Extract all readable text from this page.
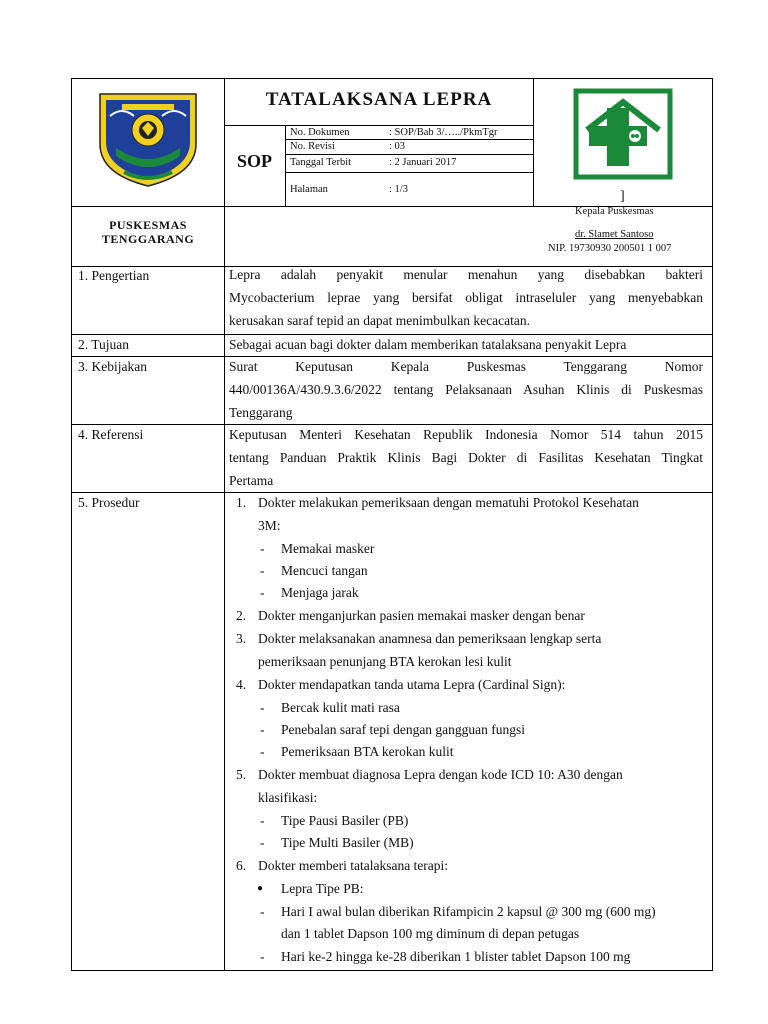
TATALAKSANA LEPRA
SOP
No. Dokumen	: SOP/Bab 3/…../PkmTgr
No. Revisi	: 03
Tanggal Terbit	: 2 Januari 2017
Halaman	: 1/3	]
PUSKESMAS
TENGGARANG
Kepala Puskesmas
dr. Slamet Santoso
NIP. 19730930 200501 1 007
1. Pengertian	Lepra adalah penyakit menular menahun yang disebabkan bakteri
Mycobacterium leprae yang bersifat obligat intraseluler yang menyebabkan
kerusakan saraf tepid an dapat menimbulkan kecacatan.
2. Tujuan	Sebagai acuan bagi dokter dalam memberikan tatalaksana penyakit Lepra
3. Kebijakan	Surat Keputusan Kepala Puskesmas Tenggarang Nomor
440/00136A/430.9.3.6/2022 tentang Pelaksanaan Asuhan Klinis di Puskesmas
Tenggarang
4. Referensi	Keputusan Menteri Kesehatan Republik Indonesia Nomor 514 tahun 2015
tentang Panduan Praktik Klinis Bagi Dokter di Fasilitas Kesehatan Tingkat
Pertama
5. Prosedur	1. Dokter melakukan pemeriksaan dengan mematuhi Protokol Kesehatan
3M:
- Memakai masker
- Mencuci tangan
- Menjaga jarak
2. Dokter menganjurkan pasien memakai masker dengan benar
3. Dokter melaksanakan anamnesa dan pemeriksaan lengkap serta
pemeriksaan penunjang BTA kerokan lesi kulit
4. Dokter mendapatkan tanda utama Lepra (Cardinal Sign):
- Bercak kulit mati rasa
- Penebalan saraf tepi dengan gangguan fungsi
- Pemeriksaan BTA kerokan kulit
5. Dokter membuat diagnosa Lepra dengan kode ICD 10: A30 dengan
klasifikasi:
- Tipe Pausi Basiler (PB)
- Tipe Multi Basiler (MB)
6. Dokter memberi tatalaksana terapi:
● Lepra Tipe PB:
- Hari I awal bulan diberikan Rifampicin 2 kapsul @ 300 mg (600 mg)
dan 1 tablet Dapson 100 mg diminum di depan petugas
- Hari ke-2 hingga ke-28 diberikan 1 blister tablet Dapson 100 mg
